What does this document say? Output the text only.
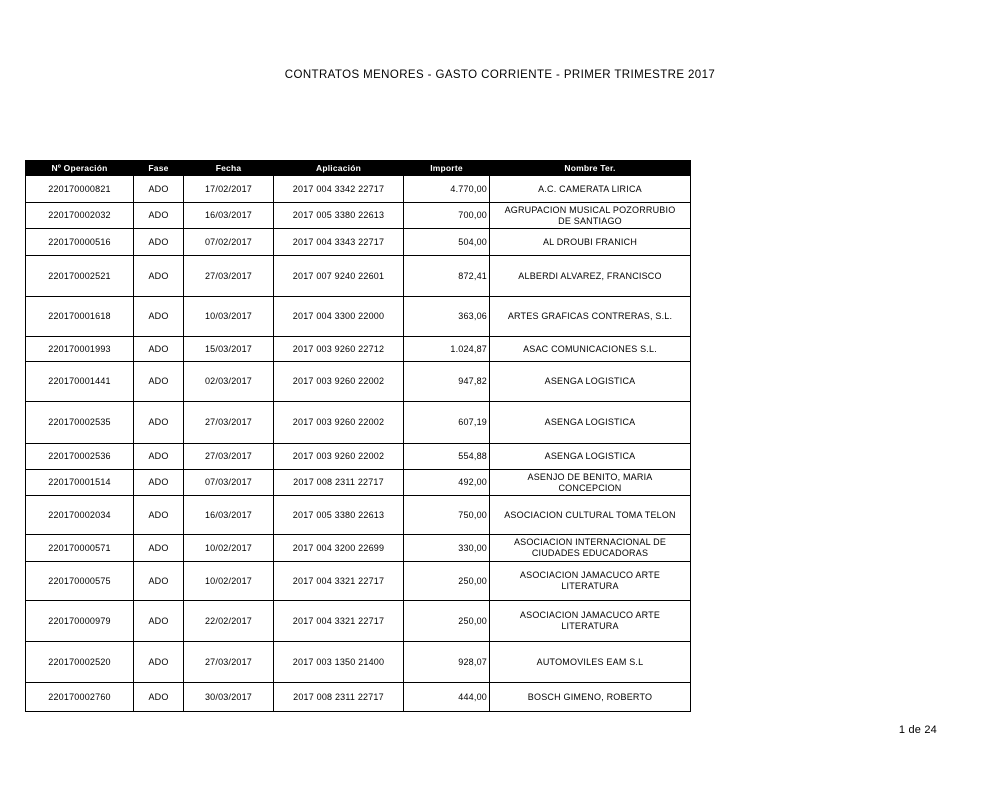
CONTRATOS MENORES - GASTO CORRIENTE - PRIMER TRIMESTRE 2017
Nº Operación	Fase	Fecha	Aplicación	Importe	Nombre Ter.
220170000821	ADO	17/02/2017	2017 004 3342 22717	4.770,00	A.C. CAMERATA LIRICA
220170002032	ADO	16/03/2017	2017 005 3380 22613	700,00	AGRUPACION MUSICAL POZORRUBIO DE SANTIAGO
220170000516	ADO	07/02/2017	2017 004 3343 22717	504,00	AL DROUBI FRANICH
220170002521	ADO	27/03/2017	2017 007 9240 22601	872,41	ALBERDI ALVAREZ, FRANCISCO
220170001618	ADO	10/03/2017	2017 004 3300 22000	363,06	ARTES GRAFICAS CONTRERAS, S.L.
220170001993	ADO	15/03/2017	2017 003 9260 22712	1.024,87	ASAC COMUNICACIONES S.L.
220170001441	ADO	02/03/2017	2017 003 9260 22002	947,82	ASENGA LOGISTICA
220170002535	ADO	27/03/2017	2017 003 9260 22002	607,19	ASENGA LOGISTICA
220170002536	ADO	27/03/2017	2017 003 9260 22002	554,88	ASENGA LOGISTICA
220170001514	ADO	07/03/2017	2017 008 2311 22717	492,00	ASENJO DE BENITO, MARIA CONCEPCION
220170002034	ADO	16/03/2017	2017 005 3380 22613	750,00	ASOCIACION CULTURAL TOMA TELON
220170000571	ADO	10/02/2017	2017 004 3200 22699	330,00	ASOCIACION INTERNACIONAL DE CIUDADES EDUCADORAS
220170000575	ADO	10/02/2017	2017 004 3321 22717	250,00	ASOCIACION JAMACUCO ARTE LITERATURA
220170000979	ADO	22/02/2017	2017 004 3321 22717	250,00	ASOCIACION JAMACUCO ARTE LITERATURA
220170002520	ADO	27/03/2017	2017 003 1350 21400	928,07	AUTOMOVILES EAM S.L
220170002760	ADO	30/03/2017	2017 008 2311 22717	444,00	BOSCH GIMENO, ROBERTO
1 de 24
